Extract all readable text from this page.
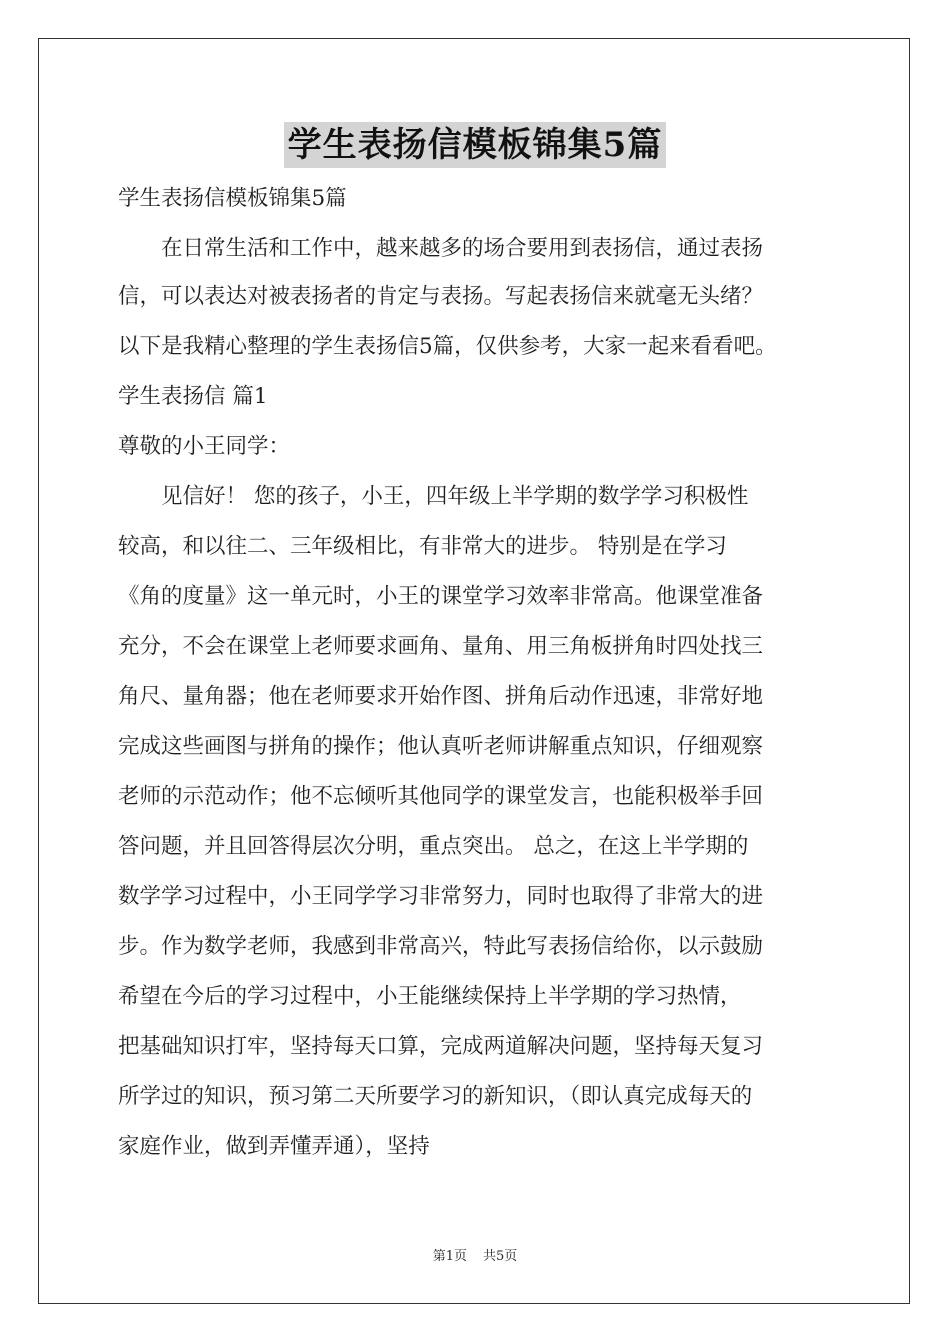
学生表扬信模板锦集5篇
学生表扬信模板锦集5篇
　　在日常生活和工作中，越来越多的场合要用到表扬信，通过表扬
信，可以表达对被表扬者的肯定与表扬。写起表扬信来就毫无头绪？
以下是我精心整理的学生表扬信5篇，仅供参考，大家一起来看看吧。
学生表扬信 篇1
尊敬的小王同学：
　　见信好！ 您的孩子，小王，四年级上半学期的数学学习积极性
较高，和以往二、三年级相比，有非常大的进步。 特别是在学习
《角的度量》这一单元时，小王的课堂学习效率非常高。他课堂准备
充分，不会在课堂上老师要求画角、量角、用三角板拼角时四处找三
角尺、量角器；他在老师要求开始作图、拼角后动作迅速，非常好地
完成这些画图与拼角的操作；他认真听老师讲解重点知识，仔细观察
老师的示范动作；他不忘倾听其他同学的课堂发言，也能积极举手回
答问题，并且回答得层次分明，重点突出。 总之，在这上半学期的
数学学习过程中，小王同学学习非常努力，同时也取得了非常大的进
步。作为数学老师，我感到非常高兴，特此写表扬信给你，以示鼓励
希望在今后的学习过程中，小王能继续保持上半学期的学习热情，
把基础知识打牢，坚持每天口算，完成两道解决问题，坚持每天复习
所学过的知识，预习第二天所要学习的新知识，（即认真完成每天的
家庭作业，做到弄懂弄通），坚持
第1页 共5页
